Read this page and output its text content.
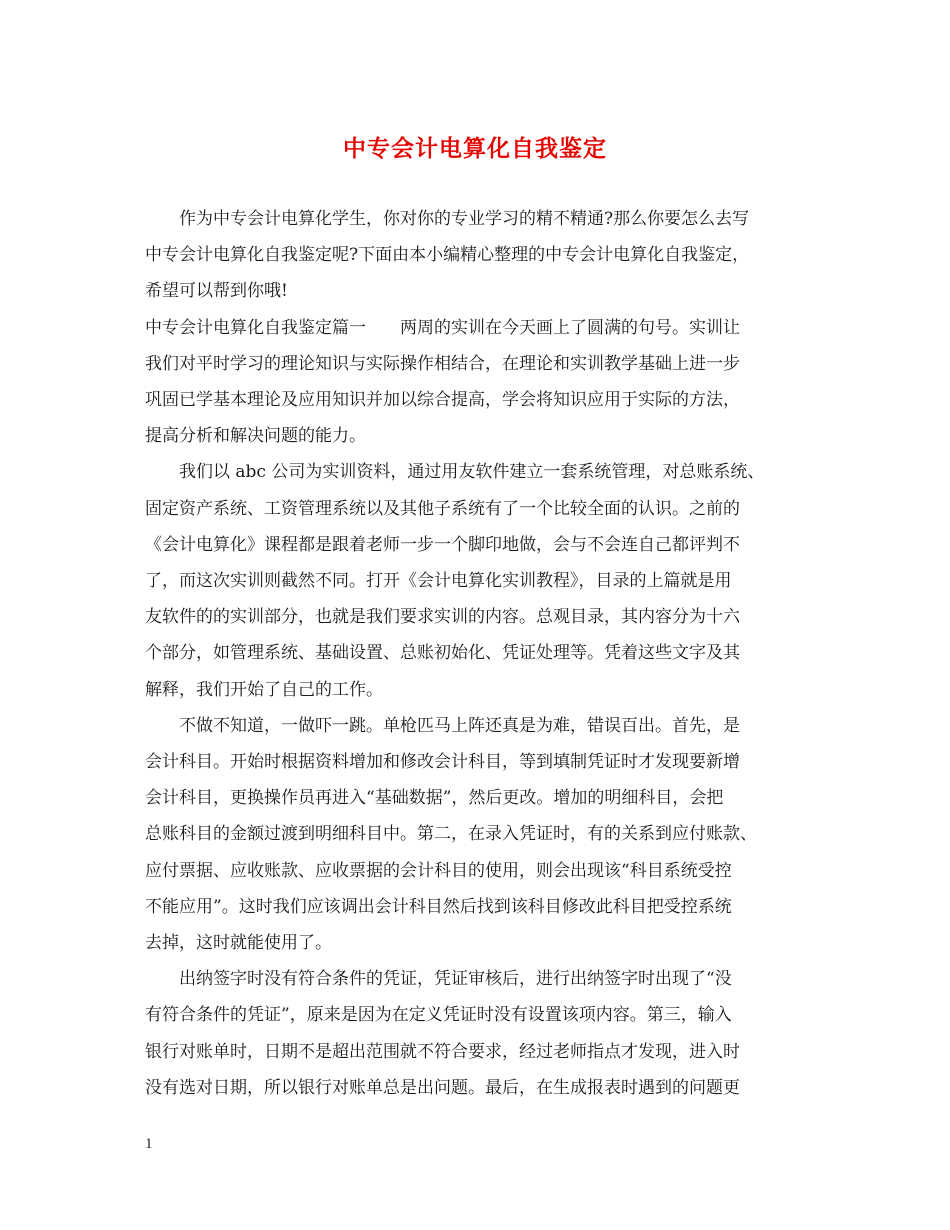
中专会计电算化自我鉴定

作为中专会计电算化学生，你对你的专业学习的精不精通?那么你要怎么去写

中专会计电算化自我鉴定呢?下面由本小编精心整理的中专会计电算化自我鉴定，

希望可以帮到你哦!

中专会计电算化自我鉴定篇一　　两周的实训在今天画上了圆满的句号。实训让

我们对平时学习的理论知识与实际操作相结合，在理论和实训教学基础上进一步

巩固已学基本理论及应用知识并加以综合提高，学会将知识应用于实际的方法，

提高分析和解决问题的能力。

我们以 abc 公司为实训资料，通过用友软件建立一套系统管理，对总账系统、

固定资产系统、工资管理系统以及其他子系统有了一个比较全面的认识。之前的

《会计电算化》课程都是跟着老师一步一个脚印地做，会与不会连自己都评判不

了，而这次实训则截然不同。打开《会计电算化实训教程》，目录的上篇就是用

友软件的的实训部分，也就是我们要求实训的内容。总观目录，其内容分为十六

个部分，如管理系统、基础设置、总账初始化、凭证处理等。凭着这些文字及其

解释，我们开始了自己的工作。

不做不知道，一做吓一跳。单枪匹马上阵还真是为难，错误百出。首先，是

会计科目。开始时根据资料增加和修改会计科目，等到填制凭证时才发现要新增

会计科目，更换操作员再进入“基础数据”，然后更改。增加的明细科目，会把

总账科目的金额过渡到明细科目中。第二，在录入凭证时，有的关系到应付账款、

应付票据、应收账款、应收票据的会计科目的使用，则会出现该“科目系统受控

不能应用”。这时我们应该调出会计科目然后找到该科目修改此科目把受控系统

去掉，这时就能使用了。

出纳签字时没有符合条件的凭证，凭证审核后，进行出纳签字时出现了“没

有符合条件的凭证”，原来是因为在定义凭证时没有设置该项内容。第三，输入

银行对账单时，日期不是超出范围就不符合要求，经过老师指点才发现，进入时

没有选对日期，所以银行对账单总是出问题。最后，在生成报表时遇到的问题更

1
